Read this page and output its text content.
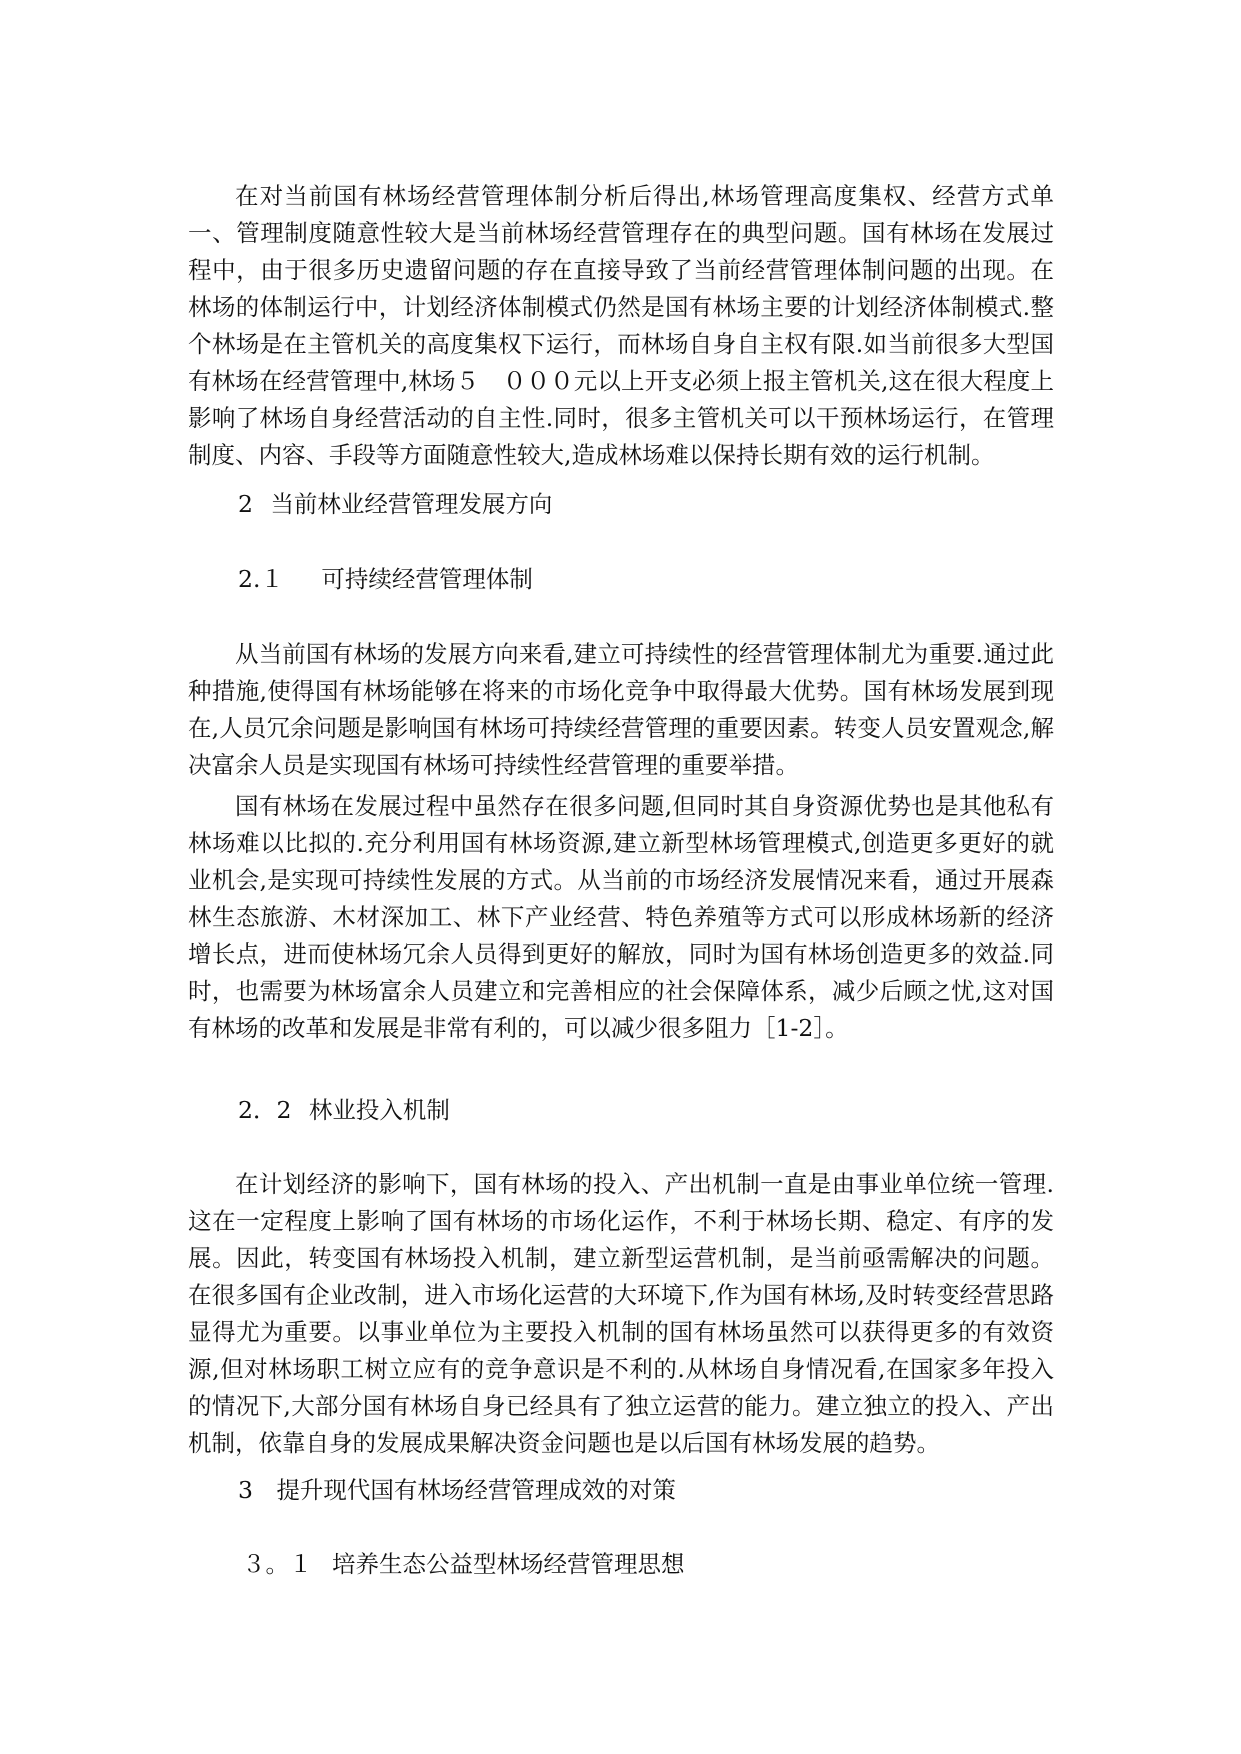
在对当前国有林场经营管理体制分析后得出,林场管理高度集权、经营方式单一、管理制度随意性较大是当前林场经营管理存在的典型问题。国有林场在发展过程中，由于很多历史遗留问题的存在直接导致了当前经营管理体制问题的出现。在林场的体制运行中，计划经济体制模式仍然是国有林场主要的计划经济体制模式.整个林场是在主管机关的高度集权下运行，而林场自身自主权有限.如当前很多大型国有林场在经营管理中,林场５　０００元以上开支必须上报主管机关,这在很大程度上影响了林场自身经营活动的自主性.同时，很多主管机关可以干预林场运行，在管理制度、内容、手段等方面随意性较大,造成林场难以保持长期有效的运行机制。

2 当前林业经营管理发展方向
2.１ 可持续经营管理体制

从当前国有林场的发展方向来看,建立可持续性的经营管理体制尤为重要.通过此种措施,使得国有林场能够在将来的市场化竞争中取得最大优势。国有林场发展到现在,人员冗余问题是影响国有林场可持续经营管理的重要因素。转变人员安置观念,解决富余人员是实现国有林场可持续性经营管理的重要举措。

国有林场在发展过程中虽然存在很多问题,但同时其自身资源优势也是其他私有林场难以比拟的.充分利用国有林场资源,建立新型林场管理模式,创造更多更好的就业机会,是实现可持续性发展的方式。从当前的市场经济发展情况来看，通过开展森林生态旅游、木材深加工、林下产业经营、特色养殖等方式可以形成林场新的经济增长点，进而使林场冗余人员得到更好的解放，同时为国有林场创造更多的效益.同时，也需要为林场富余人员建立和完善相应的社会保障体系，减少后顾之忧,这对国有林场的改革和发展是非常有利的，可以减少很多阻力［1-2］。

2．2 林业投入机制

在计划经济的影响下，国有林场的投入、产出机制一直是由事业单位统一管理.这在一定程度上影响了国有林场的市场化运作，不利于林场长期、稳定、有序的发展。因此，转变国有林场投入机制，建立新型运营机制，是当前亟需解决的问题。在很多国有企业改制，进入市场化运营的大环境下,作为国有林场,及时转变经营思路显得尤为重要。以事业单位为主要投入机制的国有林场虽然可以获得更多的有效资源,但对林场职工树立应有的竞争意识是不利的.从林场自身情况看,在国家多年投入的情况下,大部分国有林场自身已经具有了独立运营的能力。建立独立的投入、产出机制，依靠自身的发展成果解决资金问题也是以后国有林场发展的趋势。

3 提升现代国有林场经营管理成效的对策
３。１ 培养生态公益型林场经营管理思想
